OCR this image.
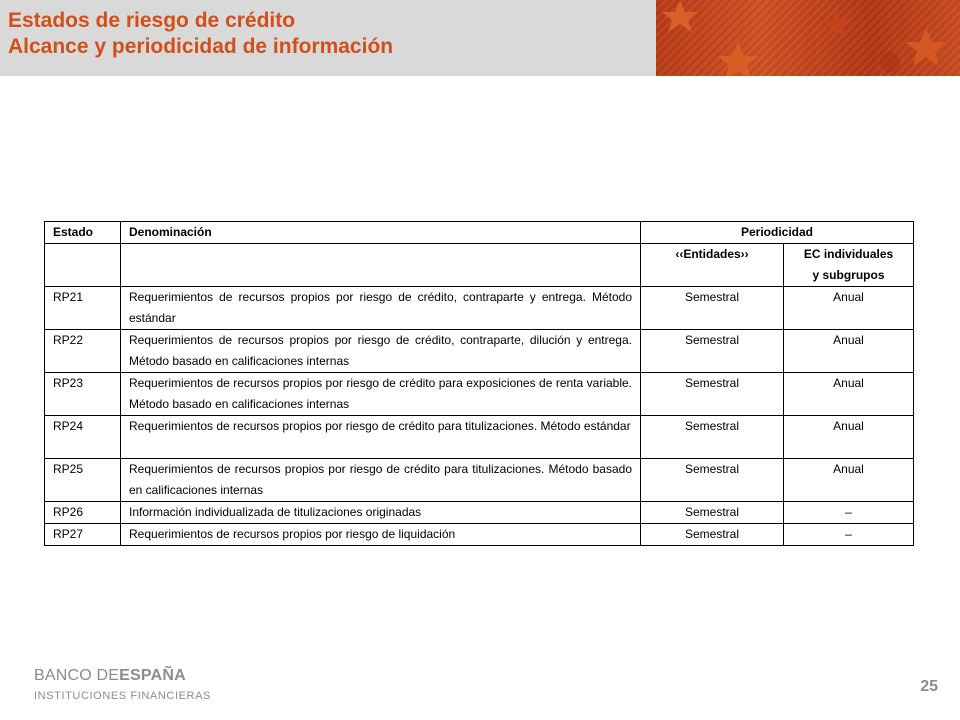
Estados de riesgo de crédito
Alcance y periodicidad de información
Estado	Denominación	Periodicidad	
		‹‹Entidades››	EC individuales
y subgrupos

RP21	Requerimientos de recursos propios por riesgo de crédito, contraparte y entrega. Método estándar	Semestral	Anual
RP22	Requerimientos de recursos propios por riesgo de crédito, contraparte, dilución y entrega. Método basado en calificaciones internas	Semestral	Anual
RP23	Requerimientos de recursos propios por riesgo de crédito para exposiciones de renta variable. Método basado en calificaciones internas	Semestral	Anual
RP24	Requerimientos de recursos propios por riesgo de crédito para titulizaciones. Método estándar	Semestral	Anual
RP25	Requerimientos de recursos propios por riesgo de crédito para titulizaciones. Método basado en calificaciones internas	Semestral	Anual
RP26	Información individualizada de titulizaciones originadas	Semestral	–
RP27	Requerimientos de recursos propios por riesgo de liquidación	Semestral	–
BANCO DEESPAÑA
INSTITUCIONES FINANCIERAS
25
